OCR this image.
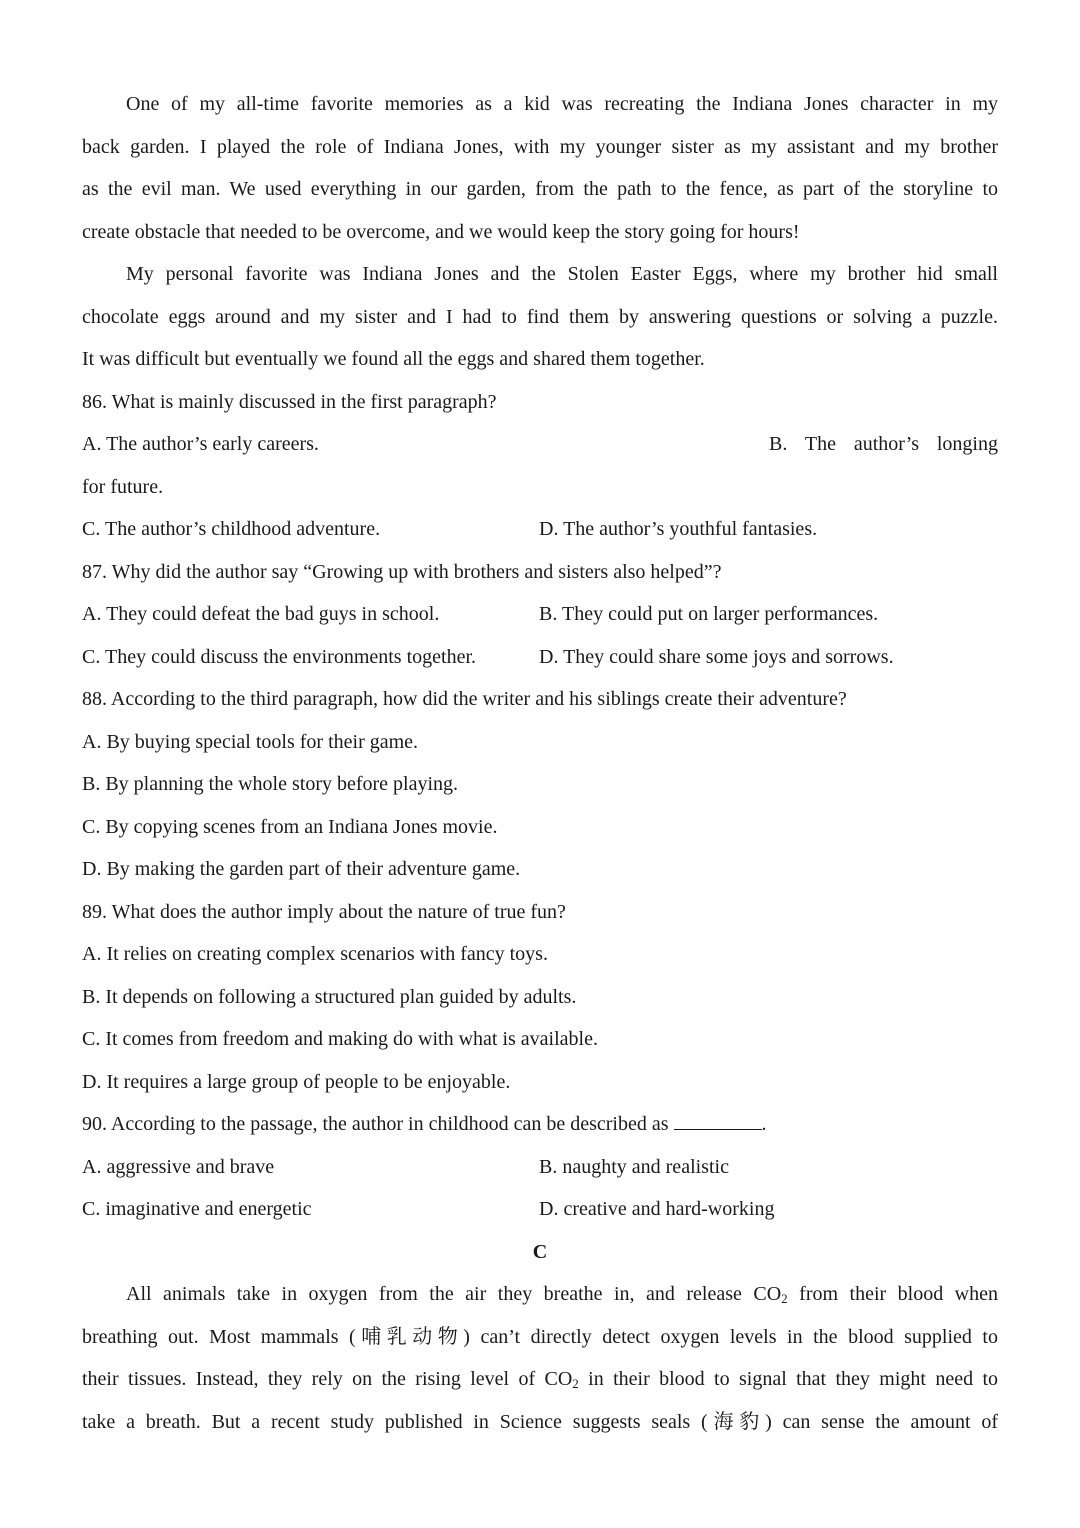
One of my all-time favorite memories as a kid was recreating the Indiana Jones character in my
back garden. I played the role of Indiana Jones, with my younger sister as my assistant and my brother
as the evil man. We used everything in our garden, from the path to the fence, as part of the storyline to
create obstacle that needed to be overcome, and we would keep the story going for hours!
My personal favorite was Indiana Jones and the Stolen Easter Eggs, where my brother hid small
chocolate eggs around and my sister and I had to find them by answering questions or solving a puzzle.
It was difficult but eventually we found all the eggs and shared them together.
86. What is mainly discussed in the first paragraph?
A. The author’s early careers.	B. The author’s longing
for future.
C. The author’s childhood adventure.	D. The author’s youthful fantasies.
87. Why did the author say “Growing up with brothers and sisters also helped”?
A. They could defeat the bad guys in school.	B. They could put on larger performances.
C. They could discuss the environments together.	D. They could share some joys and sorrows.
88. According to the third paragraph, how did the writer and his siblings create their adventure?
A. By buying special tools for their game.
B. By planning the whole story before playing.
C. By copying scenes from an Indiana Jones movie.
D. By making the garden part of their adventure game.
89. What does the author imply about the nature of true fun?
A. It relies on creating complex scenarios with fancy toys.
B. It depends on following a structured plan guided by adults.
C. It comes from freedom and making do with what is available.
D. It requires a large group of people to be enjoyable.
90. According to the passage, the author in childhood can be described as	.
A. aggressive and brave	B. naughty and realistic
C. imaginative and energetic	D. creative and hard-working
C
All animals take in oxygen from the air they breathe in, and release $CO_2$ from their blood when
breathing out. Most mammals (哺乳动物) can’t directly detect oxygen levels in the blood supplied to
their tissues. Instead, they rely on the rising level of $CO_2$ in their blood to signal that they might need to
take a breath. But a recent study published in Science suggests seals (海豹) can sense the amount of
